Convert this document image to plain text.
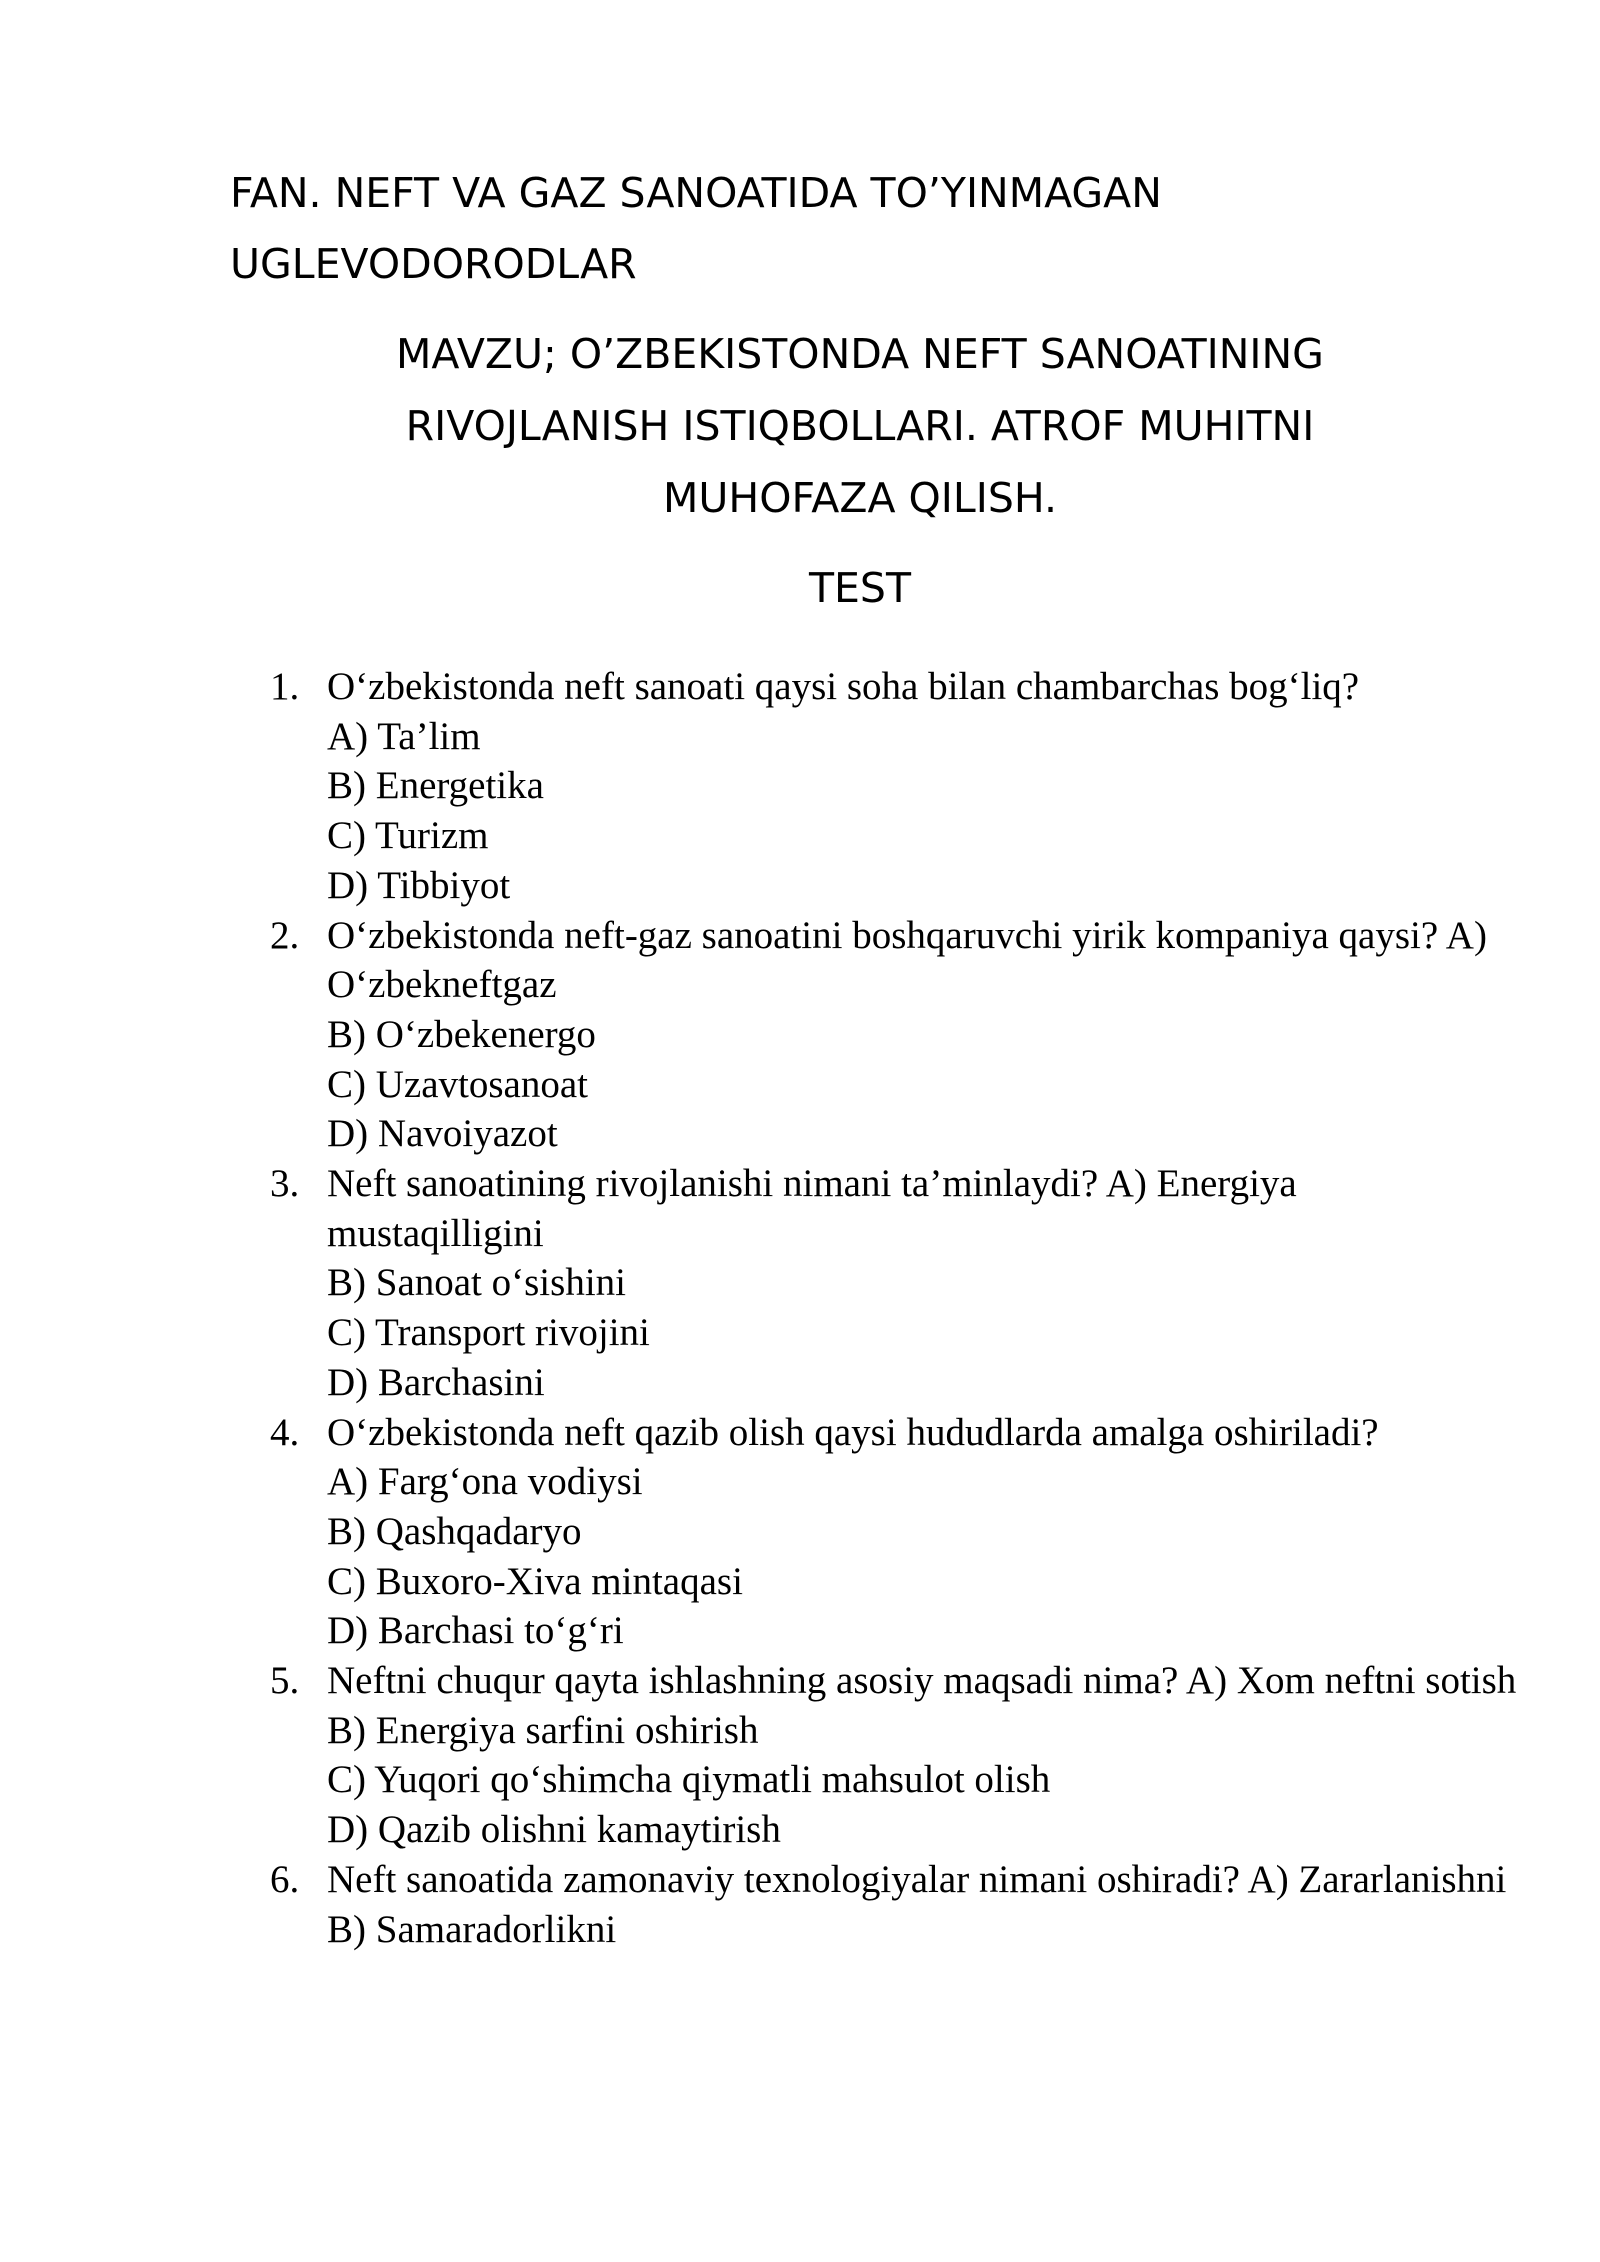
FAN. NEFT VA GAZ SANOATIDA TO’YINMAGAN UGLEVODORODLAR
MAVZU; O’ZBEKISTONDA NEFT SANOATINING
RIVOJLANISH ISTIQBOLLARI. ATROF MUHITNI
MUHOFAZA QILISH.
TEST
1. O‘zbekistonda neft sanoati qaysi soha bilan chambarchas bog‘liq?
A) Ta’lim
B) Energetika
C) Turizm
D) Tibbiyot
2. O‘zbekistonda neft-gaz sanoatini boshqaruvchi yirik kompaniya qaysi? A) O‘zbekneftgaz
B) O‘zbekenergo
C) Uzavtosanoat
D) Navoiyazot
3. Neft sanoatining rivojlanishi nimani ta’minlaydi? A) Energiya mustaqilligini
B) Sanoat o‘sishini
C) Transport rivojini
D) Barchasini
4. O‘zbekistonda neft qazib olish qaysi hududlarda amalga oshiriladi?
A) Farg‘ona vodiysi
B) Qashqadaryo
C) Buxoro-Xiva mintaqasi
D) Barchasi to‘g‘ri
5. Neftni chuqur qayta ishlashning asosiy maqsadi nima? A) Xom neftni sotish
B) Energiya sarfini oshirish
C) Yuqori qo‘shimcha qiymatli mahsulot olish
D) Qazib olishni kamaytirish
6. Neft sanoatida zamonaviy texnologiyalar nimani oshiradi? A) Zararlanishni
B) Samaradorlikni
